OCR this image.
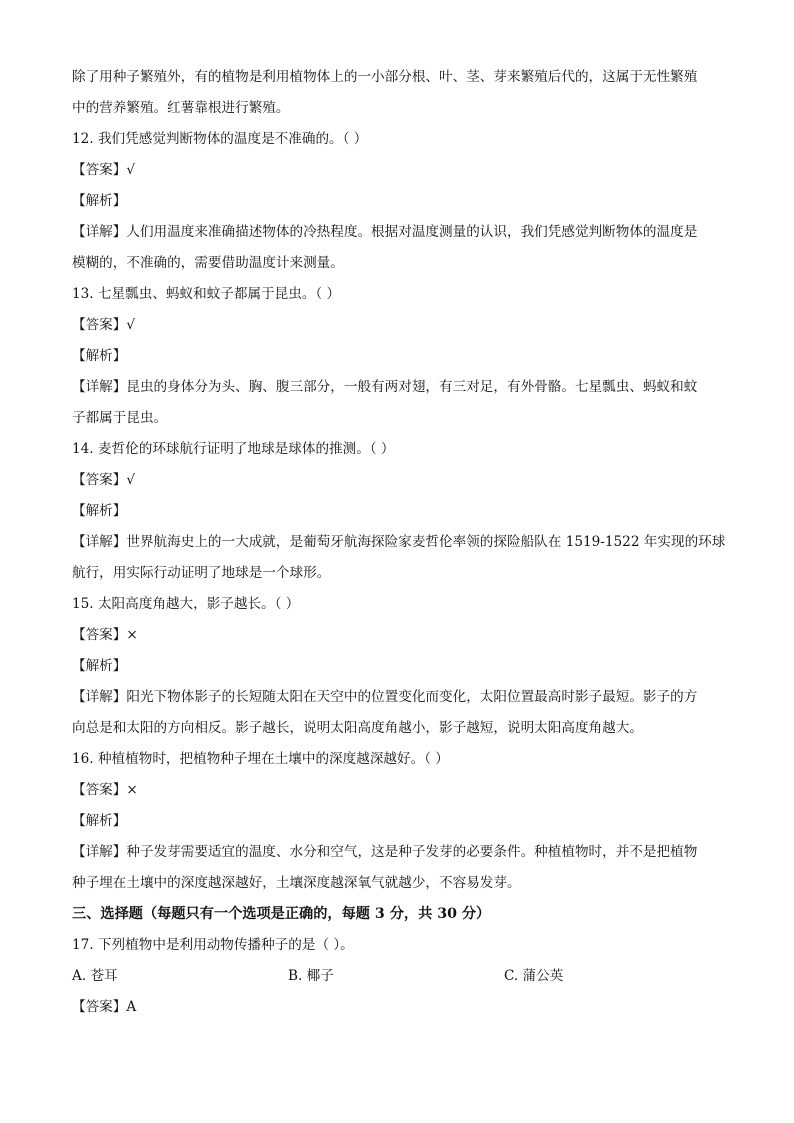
除了用种子繁殖外，有的植物是利用植物体上的一小部分根、叶、茎、芽来繁殖后代的，这属于无性繁殖
中的营养繁殖。红薯靠根进行繁殖。
12. 我们凭感觉判断物体的温度是不准确的。（ ）
【答案】√
【解析】
【详解】人们用温度来准确描述物体的冷热程度。根据对温度测量的认识，我们凭感觉判断物体的温度是
模糊的，不准确的，需要借助温度计来测量。
13. 七星瓢虫、蚂蚁和蚊子都属于昆虫。（ ）
【答案】√
【解析】
【详解】昆虫的身体分为头、胸、腹三部分，一般有两对翅，有三对足，有外骨骼。七星瓢虫、蚂蚁和蚊
子都属于昆虫。
14. 麦哲伦的环球航行证明了地球是球体的推测。（ ）
【答案】√
【解析】
【详解】世界航海史上的一大成就，是葡萄牙航海探险家麦哲伦率领的探险船队在 1519-1522 年实现的环球
航行，用实际行动证明了地球是一个球形。
15. 太阳高度角越大，影子越长。（ ）
【答案】×
【解析】
【详解】阳光下物体影子的长短随太阳在天空中的位置变化而变化，太阳位置最高时影子最短。影子的方
向总是和太阳的方向相反。影子越长，说明太阳高度角越小，影子越短，说明太阳高度角越大。
16. 种植植物时，把植物种子埋在土壤中的深度越深越好。（ ）
【答案】×
【解析】
【详解】种子发芽需要适宜的温度、水分和空气，这是种子发芽的必要条件。种植植物时，并不是把植物
种子埋在土壤中的深度越深越好，土壤深度越深氧气就越少，不容易发芽。
三、选择题（每题只有一个选项是正确的，每题 3 分，共 30 分）
17. 下列植物中是利用动物传播种子的是（ ）。
A. 苍耳	B. 椰子	C. 蒲公英
【答案】A
